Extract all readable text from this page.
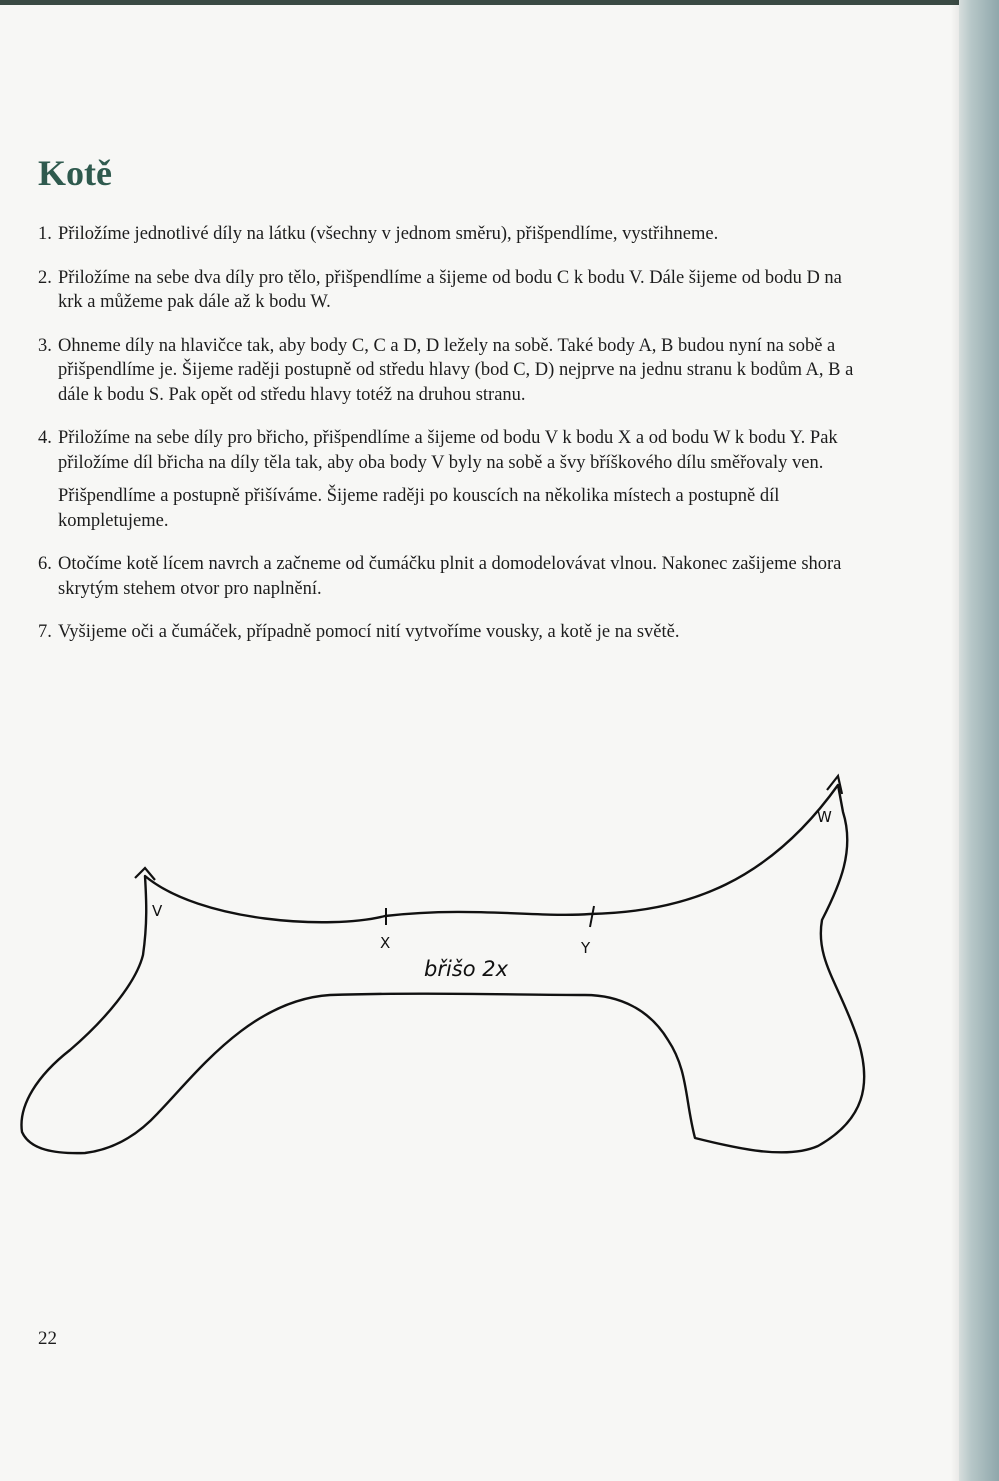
Kotě
1. Přiložíme jednotlivé díly na látku (všechny v jednom směru), přišpendlíme, vystřihneme.

2. Přiložíme na sebe dva díly pro tělo, přišpendlíme a šijeme od bodu C k bodu V. Dále šijeme od bodu D na krk a můžeme pak dále až k bodu W.

3. Ohneme díly na hlavičce tak, aby body C, C a D, D ležely na sobě. Také body A, B budou nyní na sobě a přišpendlíme je. Šijeme raději postupně od středu hlavy (bod C, D) nejprve na jednu stranu k bodům A, B a dále k bodu S. Pak opět od středu hlavy totéž na druhou stranu.

4. Přiložíme na sebe díly pro břicho, přišpendlíme a šijeme od bodu V k bodu X a od bodu W k bodu Y. Pak přiložíme díl břicha na díly těla tak, aby oba body V byly na sobě a švy bříškového dílu směřovaly ven.

Přišpendlíme a postupně přišíváme. Šijeme raději po kouscích na několika místech a postupně díl kompletujeme.

6. Otočíme kotě lícem navrch a začneme od čumáčku plnit a domodelovávat vlnou. Nakonec zašijeme shora skrytým stehem otvor pro naplnění.

7. Vyšijeme oči a čumáček, případně pomocí nití vytvoříme vousky, a kotě je na světě.

V
X	Y
W
břišo 2x
22
